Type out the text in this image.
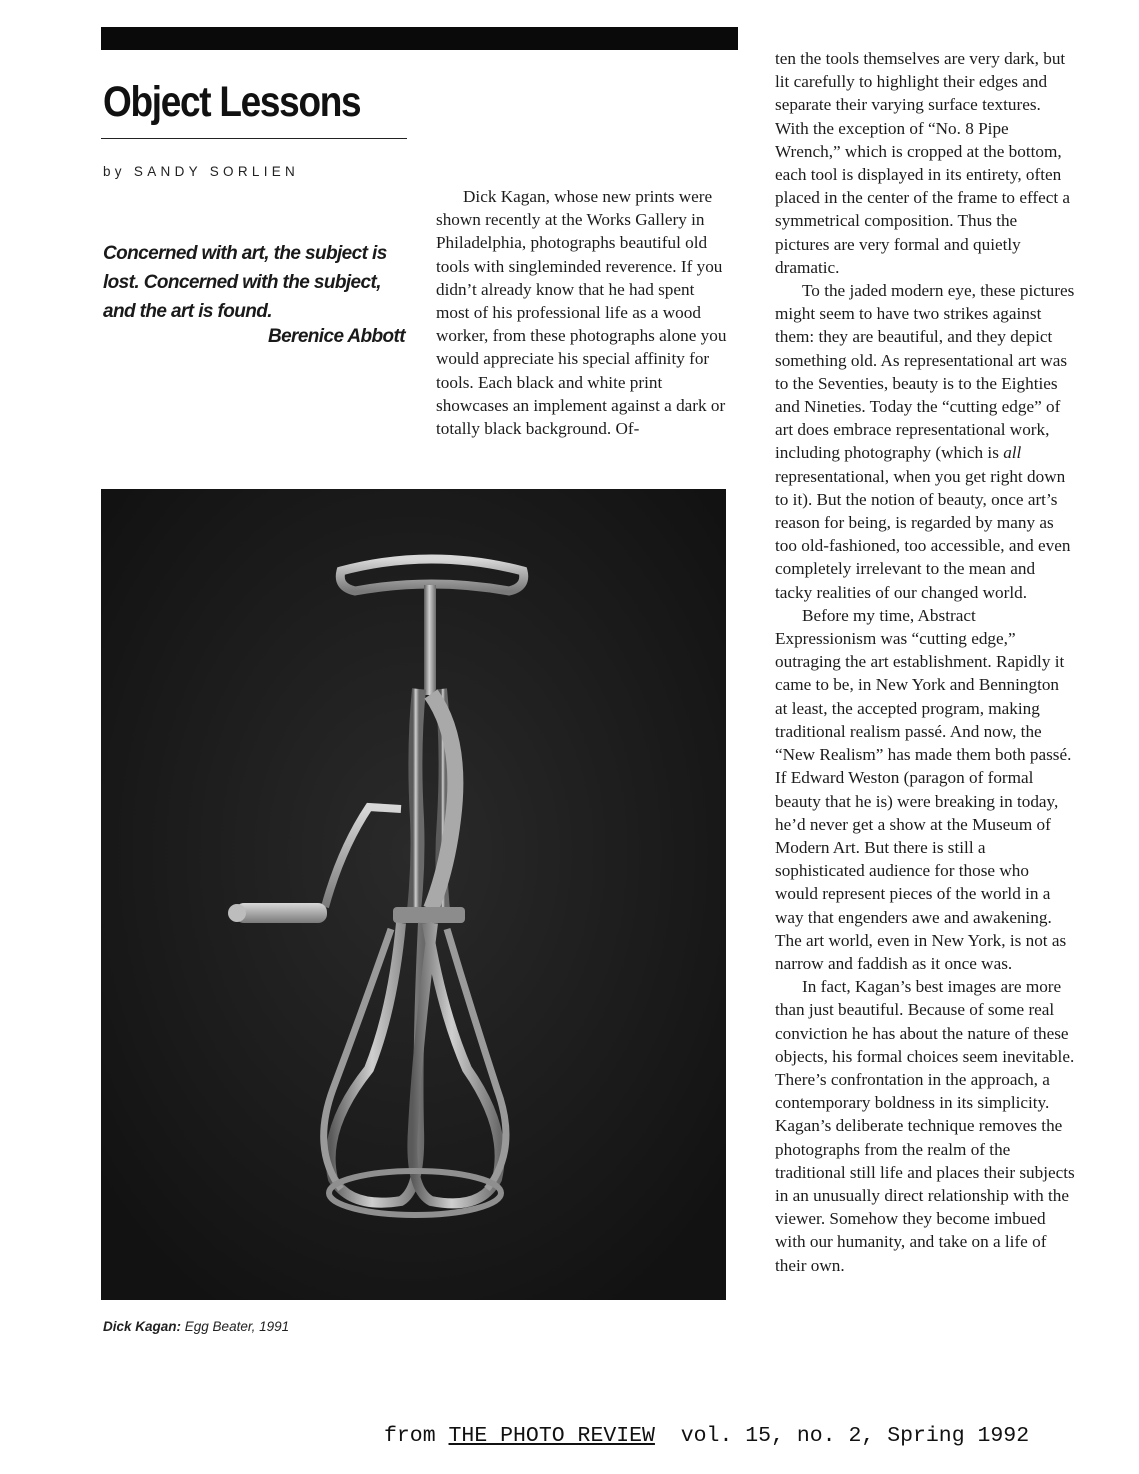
Object Lessons
by SANDY SORLIEN
Concerned with art, the subject is
lost. Concerned with the subject,
and the art is found.
Berenice Abbott

Dick Kagan, whose new prints were shown recently at the Works Gallery in Philadelphia, photographs beautiful old tools with singleminded reverence. If you didn’t already know that he had spent most of his professional life as a wood worker, from these photographs alone you would appreciate his special affinity for tools. Each black and white print showcases an implement against a dark or totally black background. Of-

Dick Kagan: Egg Beater, 1991

ten the tools themselves are very dark, but lit carefully to highlight their edges and separate their varying surface textures. With the exception of “No. 8 Pipe Wrench,” which is cropped at the bottom, each tool is displayed in its entirety, often placed in the center of the frame to effect a symmetrical composition. Thus the pictures are very formal and quietly dramatic.

To the jaded modern eye, these pictures might seem to have two strikes against them: they are beautiful, and they depict something old. As representational art was to the Seventies, beauty is to the Eighties and Nineties. Today the “cutting edge” of art does embrace representational work, including photography (which is all representational, when you get right down to it). But the notion of beauty, once art’s reason for being, is regarded by many as too old-fashioned, too accessible, and even completely irrelevant to the mean and tacky realities of our changed world.

Before my time, Abstract Expressionism was “cutting edge,” outraging the art establishment. Rapidly it came to be, in New York and Bennington at least, the accepted program, making traditional realism passé. And now, the “New Realism” has made them both passé. If Edward Weston (paragon of formal beauty that he is) were breaking in today, he’d never get a show at the Museum of Modern Art. But there is still a sophisticated audience for those who would represent pieces of the world in a way that engenders awe and awakening. The art world, even in New York, is not as narrow and faddish as it once was.

In fact, Kagan’s best images are more than just beautiful. Because of some real conviction he has about the nature of these objects, his formal choices seem inevitable. There’s confrontation in the approach, a contemporary boldness in its simplicity. Kagan’s deliberate technique removes the photographs from the realm of the traditional still life and places their subjects in an unusually direct relationship with the viewer. Somehow they become imbued with our humanity, and take on a life of their own.

from THE PHOTO REVIEW  vol. 15, no. 2, Spring 1992
